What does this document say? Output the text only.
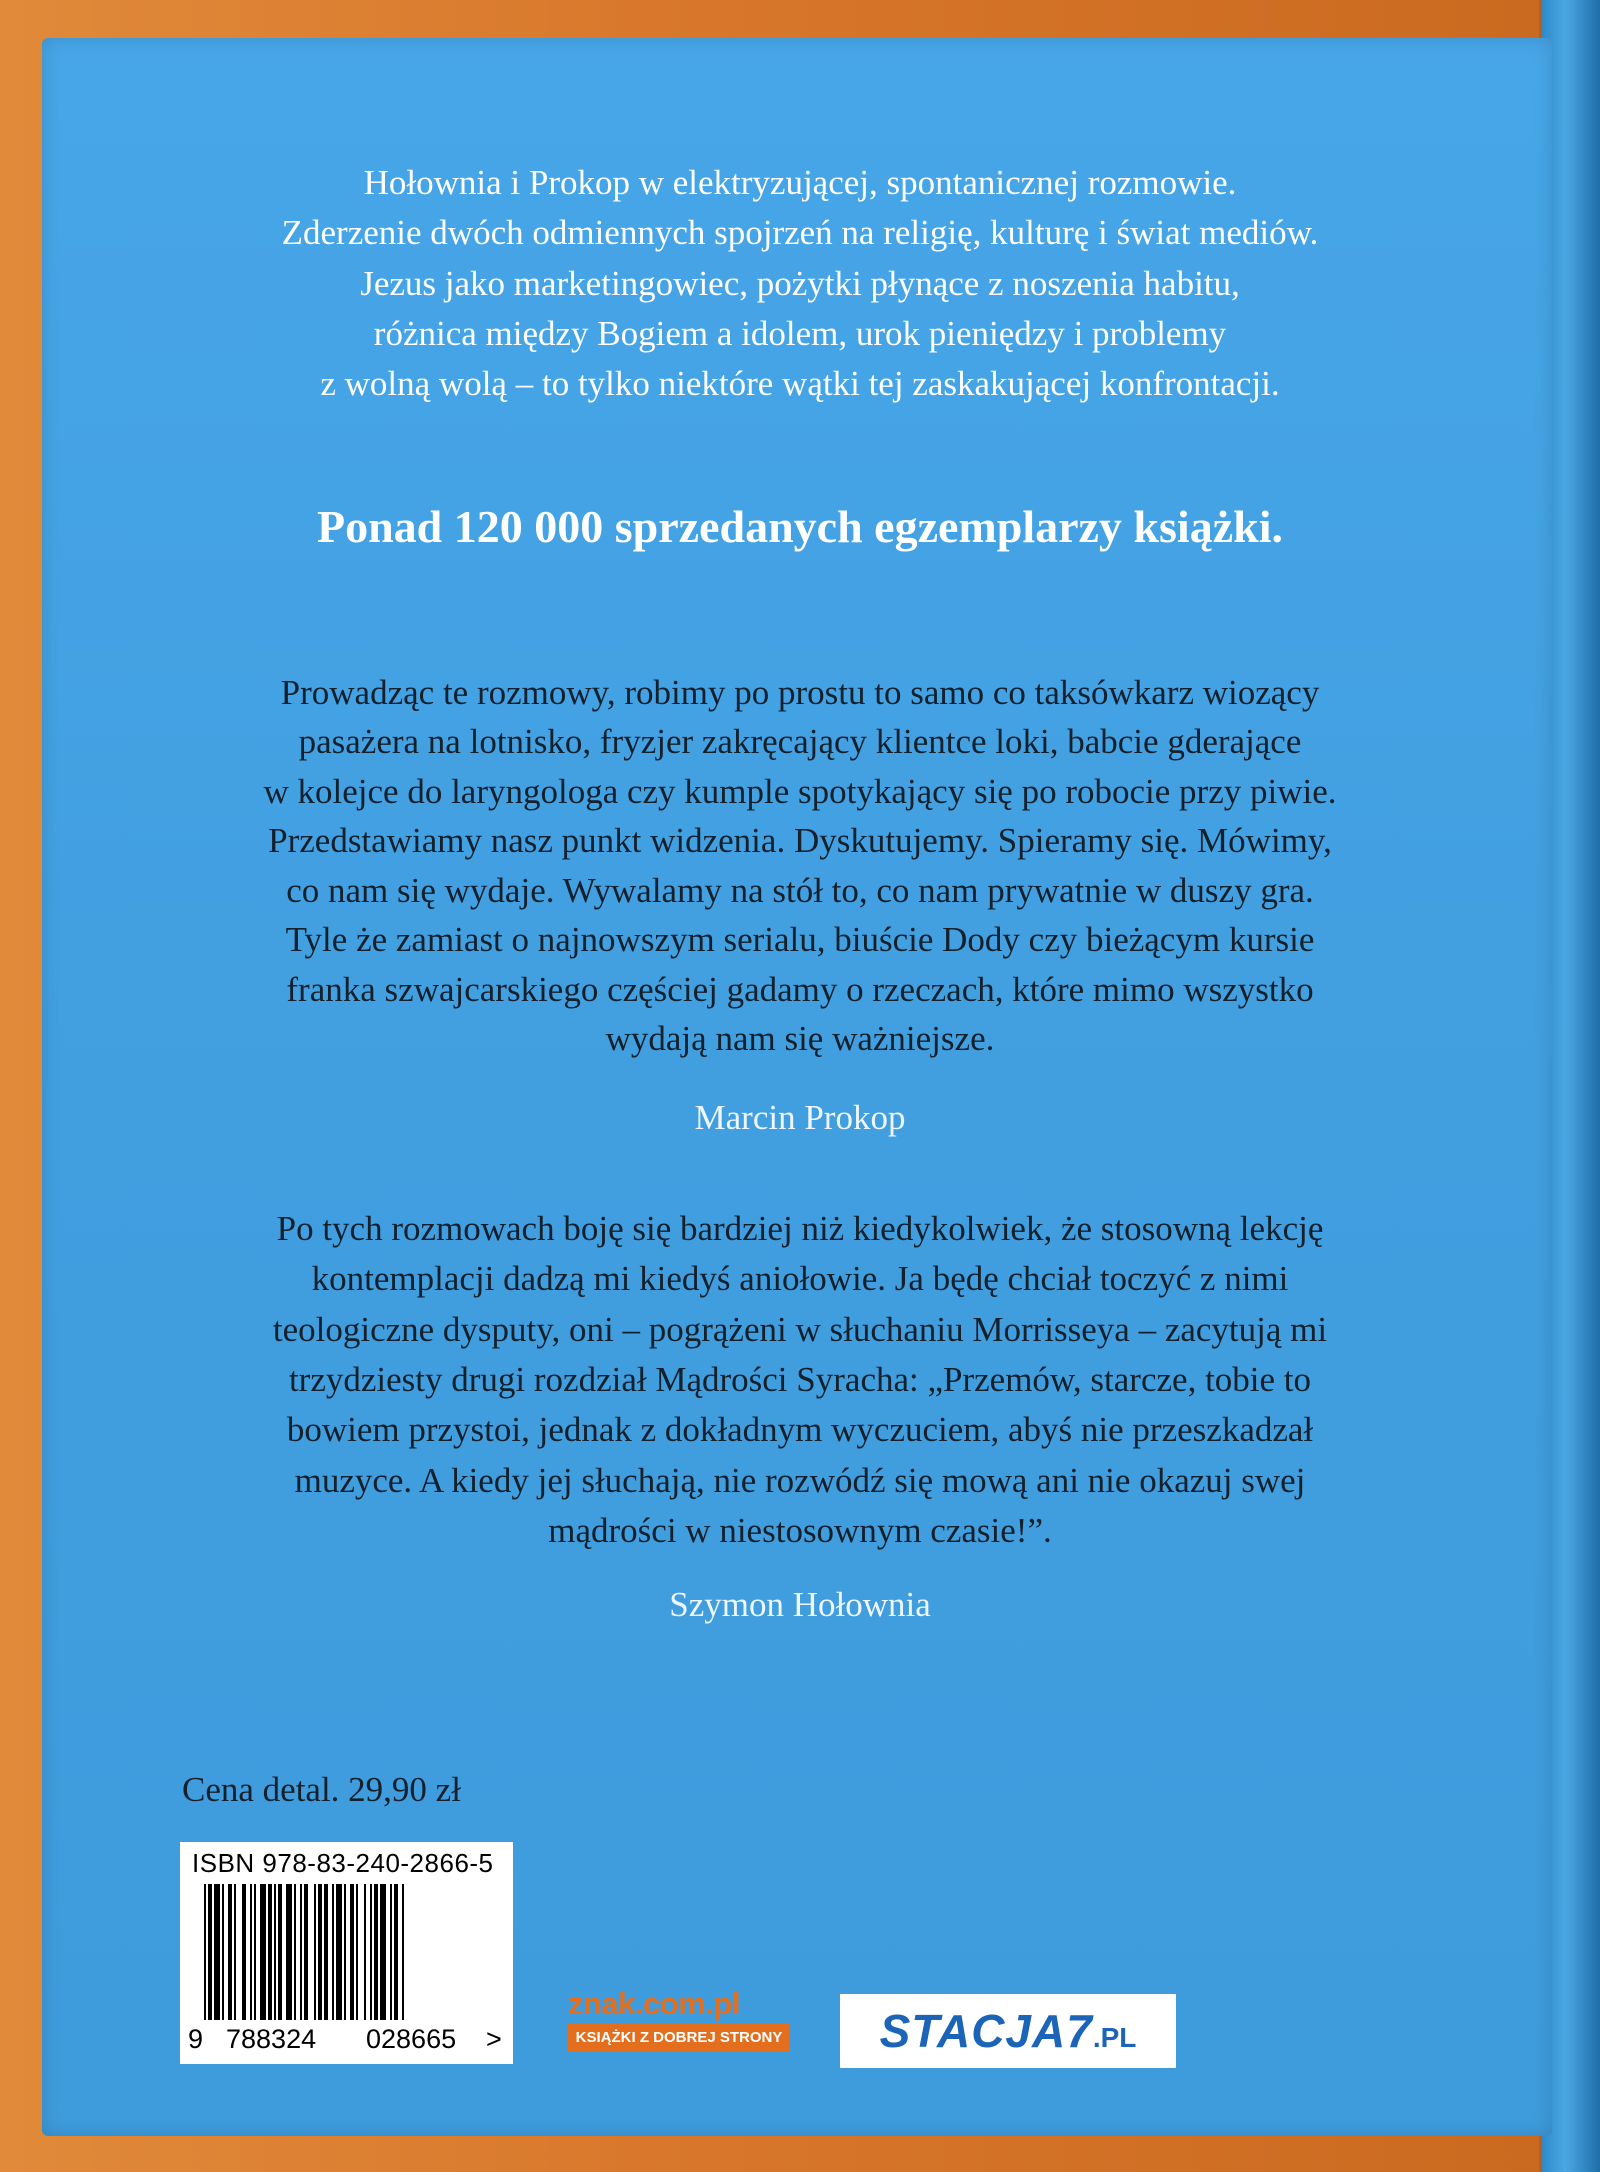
Hołownia i Prokop w elektryzującej, spontanicznej rozmowie.
Zderzenie dwóch odmiennych spojrzeń na religię, kulturę i świat mediów.
Jezus jako marketingowiec, pożytki płynące z noszenia habitu,
różnica między Bogiem a idolem, urok pieniędzy i problemy
z wolną wolą – to tylko niektóre wątki tej zaskakującej konfrontacji.
Ponad 120 000 sprzedanych egzemplarzy książki.
Prowadząc te rozmowy, robimy po prostu to samo co taksówkarz wiozący
pasażera na lotnisko, fryzjer zakręcający klientce loki, babcie gderające
w kolejce do laryngologa czy kumple spotykający się po robocie przy piwie.
Przedstawiamy nasz punkt widzenia. Dyskutujemy. Spieramy się. Mówimy,
co nam się wydaje. Wywalamy na stół to, co nam prywatnie w duszy gra.
Tyle że zamiast o najnowszym serialu, biuście Dody czy bieżącym kursie
franka szwajcarskiego częściej gadamy o rzeczach, które mimo wszystko
wydają nam się ważniejsze.
Marcin Prokop
Po tych rozmowach boję się bardziej niż kiedykolwiek, że stosowną lekcję
kontemplacji dadzą mi kiedyś aniołowie. Ja będę chciał toczyć z nimi
teologiczne dysputy, oni – pogrążeni w słuchaniu Morrisseya – zacytują mi
trzydziesty drugi rozdział Mądrości Syracha: „Przemów, starcze, tobie to
bowiem przystoi, jednak z dokładnym wyczuciem, abyś nie przeszkadzał
muzyce. A kiedy jej słuchają, nie rozwódź się mową ani nie okazuj swej
mądrości w niestosownym czasie!”.
Szymon Hołownia
Cena detal. 29,90 zł
ISBN 978-83-240-2866-5
9 788324 028665 >
znak.com.pl
KSIĄŻKI Z DOBREJ STRONY	STACJA7.PL
